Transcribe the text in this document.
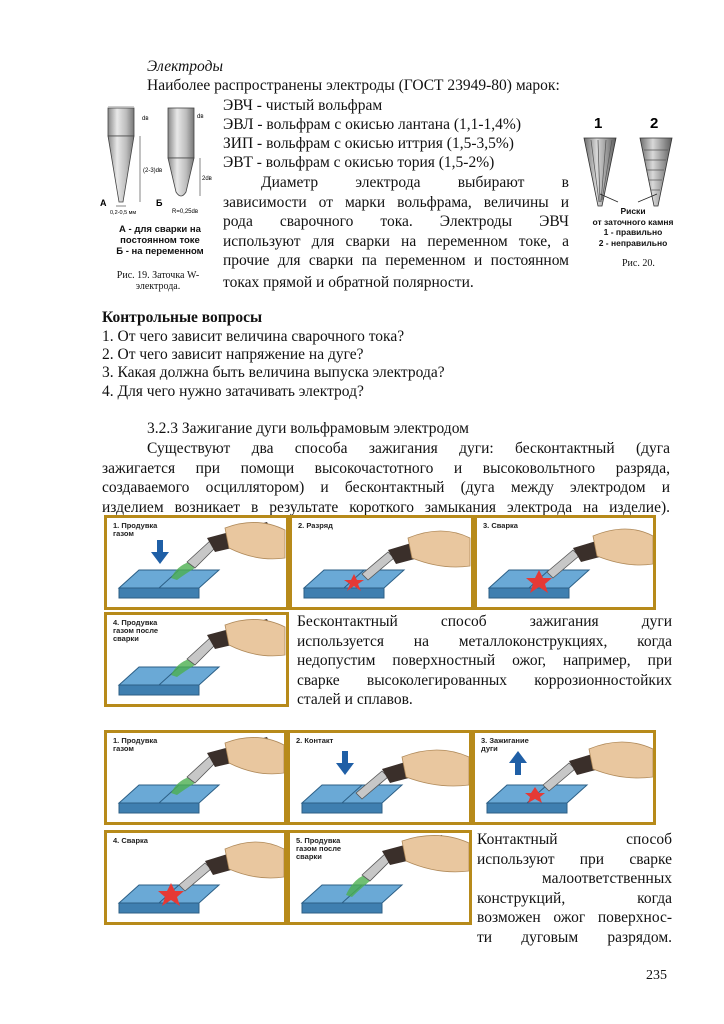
Электроды
Наиболее распространены электроды (ГОСТ 23949-80) марок:
ЭВЧ - чистый вольфрам
ЭВЛ - вольфрам с окисью лантана (1,1-1,4%)
ЗИП - вольфрам с окисью иттрия (1,5-3,5%)
ЭВТ - вольфрам с окисью тория (1,5-2%)
Диаметр электрода выбирают в
зависимости от марки вольфрама, величины и
рода сварочного тока. Электроды ЭВЧ
используют для сварки на переменном токе, а
прочие для сварки па переменном и постоянном
токах прямой и обратной полярности.
dв
(2-3)dв
0,2-0,5 мм
dв
2dв
R=0,25dв
А	Б
А - для сварки на
постоянном токе
Б - на переменном
Рис. 19. Заточка W-
электрода.
1	2
Риски
от заточного камня
1 - правильно
2 - неправильно
Рис. 20.
Контрольные вопросы
1. От чего зависит величина сварочного тока?
2. От чего зависит напряжение на дуге?
3. Какая должна быть величина выпуска электрода?
4. Для чего нужно затачивать электрод?
3.2.3 Зажигание дуги вольфрамовым электродом
Существуют два способа зажигания дуги: бесконтактный (дуга
зажигается при помощи высокочастотного и высоковольтного разряда,
создаваемого осциллятором) и бесконтактный (дуга между электродом и
изделием возникает в результате короткого замыкания электрода на изделие).
1. Продувка
газом
2. Разряд	3. Сварка
4. Продувка
газом после
сварки
Бесконтактный способ зажигания дуги
используется на металлоконструкциях, когда
недопустим поверхностный ожог, например, при
сварке высоколегированных коррозионностойких
сталей и сплавов.
1. Продувка
газом
2. Контакт	3. Зажигание
дуги
4. Сварка	5. Продувка
газом после
сварки
Контактный способ
используют при сварке
малоответственных
конструкций, когда
возможен ожог поверхнос-
ти дуговым разрядом.
235
